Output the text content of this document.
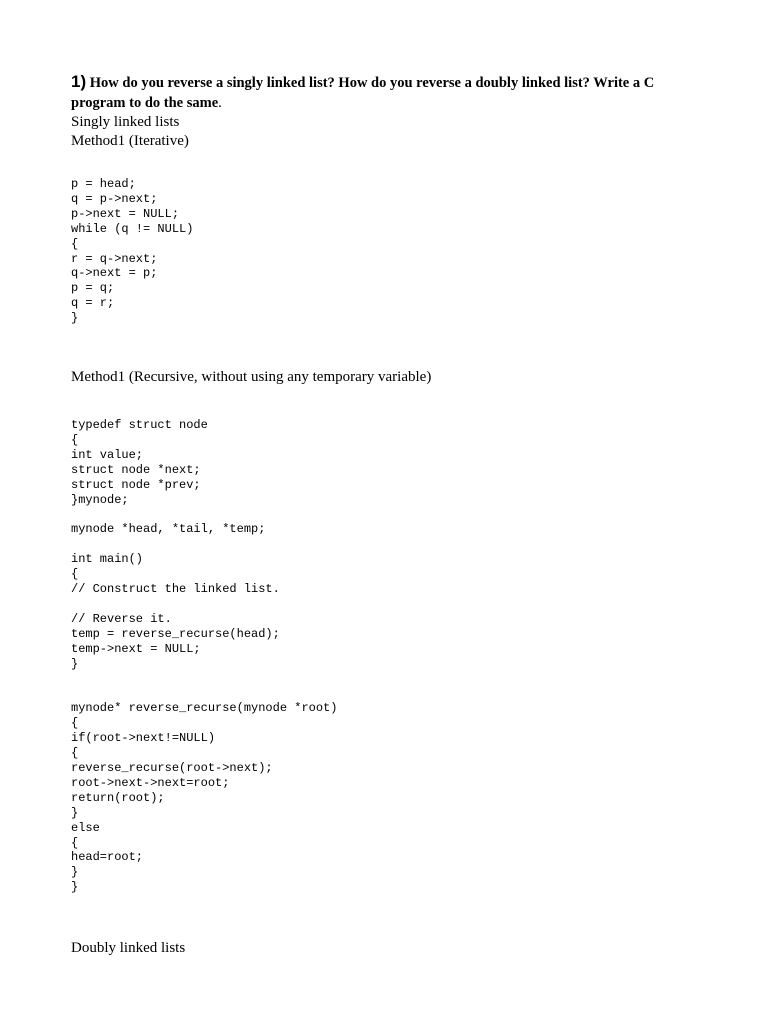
1) How do you reverse a singly linked list? How do you reverse a doubly linked list? Write a C program to do the same.

Singly linked lists

Method1 (Iterative)

p = head;
q = p->next;
p->next = NULL;
while (q != NULL)
{
r = q->next;
q->next = p;
p = q;
q = r;
}

Method1 (Recursive, without using any temporary variable)

typedef struct node
{
int value;
struct node *next;
struct node *prev;
}mynode;
mynode *head, *tail, *temp;
int main()
{
// Construct the linked list.
// Reverse it.
temp = reverse_recurse(head);
temp->next = NULL;
}
mynode* reverse_recurse(mynode *root)
{
if(root->next!=NULL)
{
reverse_recurse(root->next);
root->next->next=root;
return(root);
}
else
{
head=root;
}
}

Doubly linked lists
